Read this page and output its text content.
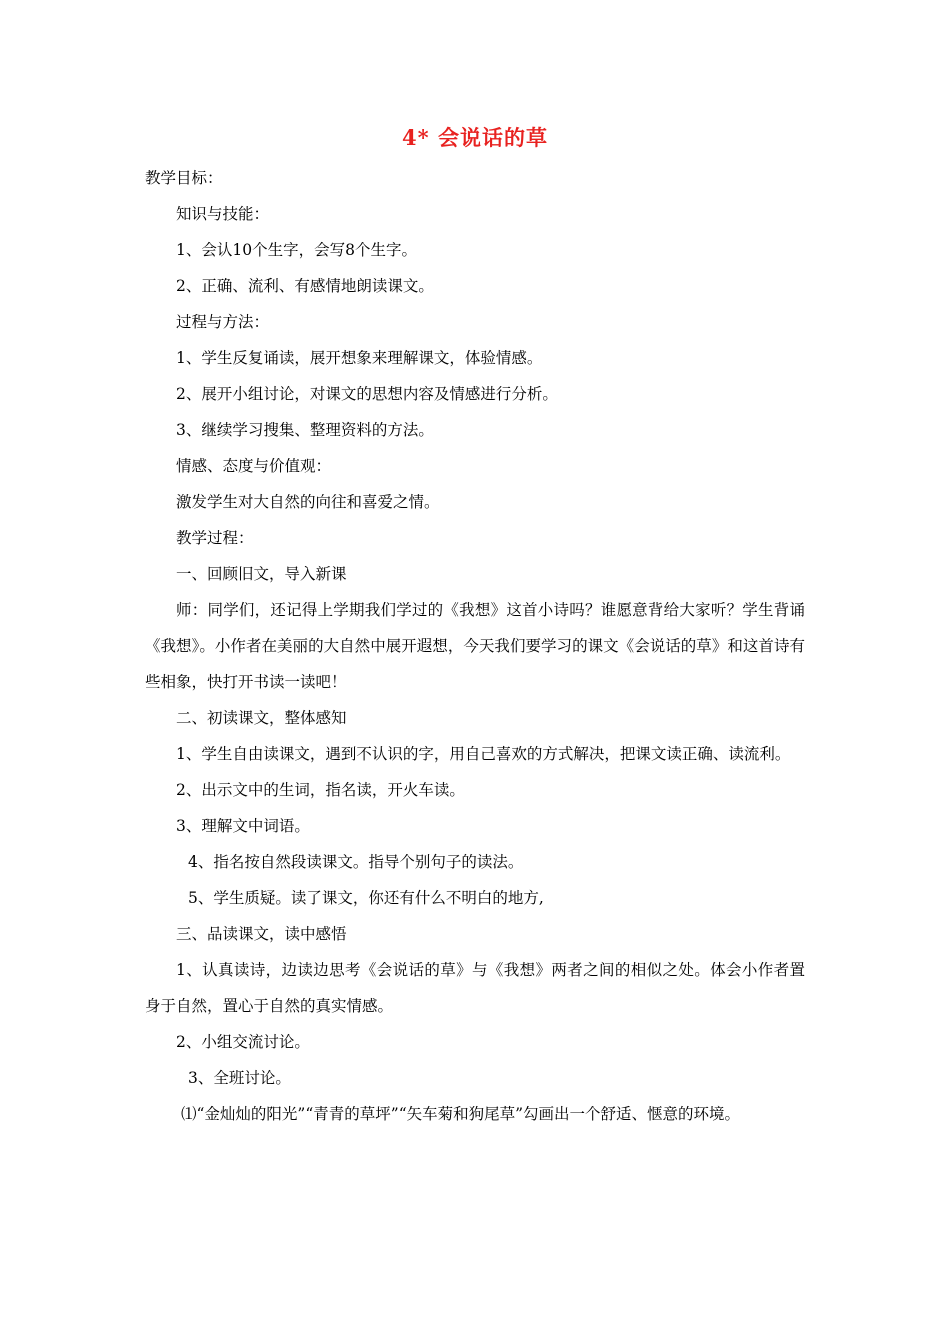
4* 会说话的草

教学目标：

知识与技能：

1、会认10个生字，会写8个生字。

2、正确、流利、有感情地朗读课文。

过程与方法：

1、学生反复诵读，展开想象来理解课文，体验情感。

2、展开小组讨论，对课文的思想内容及情感进行分析。

3、继续学习搜集、整理资料的方法。

情感、态度与价值观：

激发学生对大自然的向往和喜爱之情。

教学过程：

一、回顾旧文，导入新课

师：同学们，还记得上学期我们学过的《我想》这首小诗吗？谁愿意背给大家听？学生背诵《我想》。小作者在美丽的大自然中展开遐想，今天我们要学习的课文《会说话的草》和这首诗有些相象，快打开书读一读吧！

二、初读课文，整体感知

1、学生自由读课文，遇到不认识的字，用自己喜欢的方式解决，把课文读正确、读流利。

2、出示文中的生词，指名读，开火车读。

3、理解文中词语。

4、指名按自然段读课文。指导个别句子的读法。

5、学生质疑。读了课文，你还有什么不明白的地方,

三、品读课文，读中感悟

1、认真读诗，边读边思考《会说话的草》与《我想》两者之间的相似之处。体会小作者置身于自然，置心于自然的真实情感。

2、小组交流讨论。

3、全班讨论。

⑴“金灿灿的阳光”“青青的草坪”“矢车菊和狗尾草”勾画出一个舒适、惬意的环境。
